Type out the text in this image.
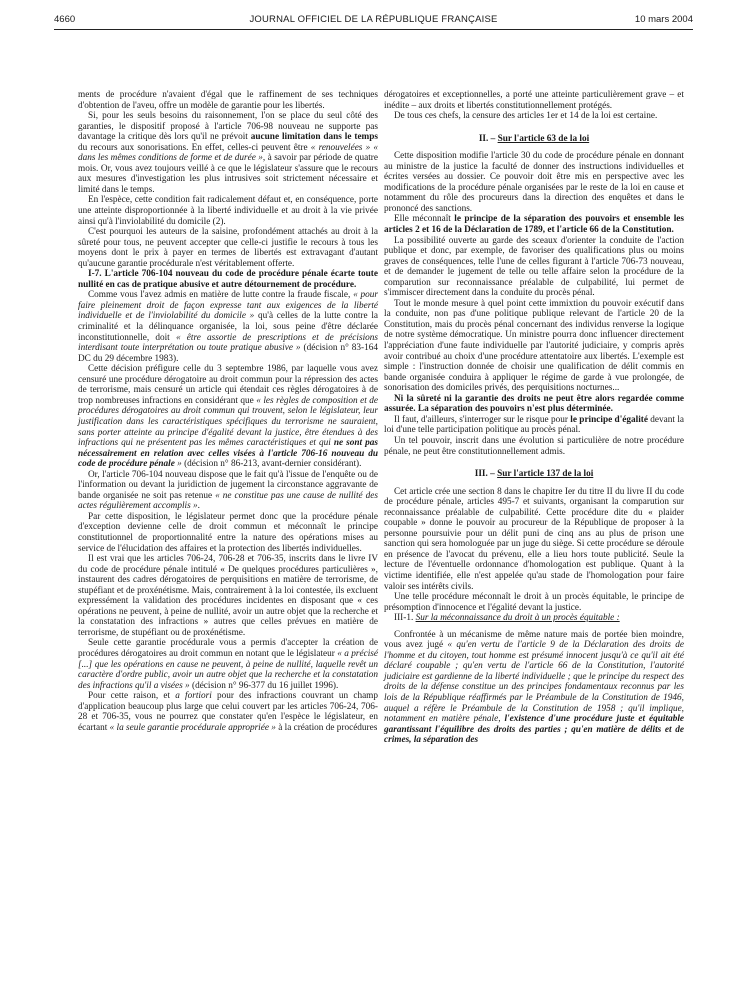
4660	JOURNAL OFFICIEL DE LA RÉPUBLIQUE FRANÇAISE	10 mars 2004

ments de procédure n'avaient d'égal que le raffinement de ses techniques d'obtention de l'aveu, offre un modèle de garantie pour les libertés.

Si, pour les seuls besoins du raisonnement, l'on se place du seul côté des garanties, le dispositif proposé à l'article 706-98 nouveau ne supporte pas davantage la critique dès lors qu'il ne prévoit aucune limitation dans le temps du recours aux sonorisations. En effet, celles-ci peuvent être « renouvelées » « dans les mêmes conditions de forme et de durée », à savoir par période de quatre mois. Or, vous avez toujours veillé à ce que le législateur s'assure que le recours aux mesures d'investigation les plus intrusives soit strictement nécessaire et limité dans le temps.

En l'espèce, cette condition fait radicalement défaut et, en conséquence, porte une atteinte disproportionnée à la liberté individuelle et au droit à la vie privée ainsi qu'à l'inviolabilité du domicile (2).

C'est pourquoi les auteurs de la saisine, profondément attachés au droit à la sûreté pour tous, ne peuvent accepter que celle-ci justifie le recours à tous les moyens dont le prix à payer en termes de libertés est extravagant d'autant qu'aucune garantie procédurale n'est véritablement offerte.

I-7. L'article 706-104 nouveau du code de procédure pénale écarte toute nullité en cas de pratique abusive et autre détournement de procédure.

Comme vous l'avez admis en matière de lutte contre la fraude fiscale, « pour faire pleinement droit de façon expresse tant aux exigences de la liberté individuelle et de l'inviolabilité du domicile » qu'à celles de la lutte contre la criminalité et la délinquance organisée, la loi, sous peine d'être déclarée inconstitutionnelle, doit « être assortie de prescriptions et de précisions interdisant toute interprétation ou toute pratique abusive » (décision n° 83-164 DC du 29 décembre 1983).

Cette décision préfigure celle du 3 septembre 1986, par laquelle vous avez censuré une procédure dérogatoire au droit commun pour la répression des actes de terrorisme, mais censuré un article qui étendait ces règles dérogatoires à de trop nombreuses infractions en considérant que « les règles de composition et de procédures dérogatoires au droit commun qui trouvent, selon le législateur, leur justification dans les caractéristiques spécifiques du terrorisme ne sauraient, sans porter atteinte au principe d'égalité devant la justice, être étendues à des infractions qui ne présentent pas les mêmes caractéristiques et qui ne sont pas nécessairement en relation avec celles visées à l'article 706-16 nouveau du code de procédure pénale » (décision n° 86-213, avant-dernier considérant).

Or, l'article 706-104 nouveau dispose que le fait qu'à l'issue de l'enquête ou de l'information ou devant la juridiction de jugement la circonstance aggravante de bande organisée ne soit pas retenue « ne constitue pas une cause de nullité des actes régulièrement accomplis ».

Par cette disposition, le législateur permet donc que la procédure pénale d'exception devienne celle de droit commun et méconnaît le principe constitutionnel de proportionnalité entre la nature des opérations mises au service de l'élucidation des affaires et la protection des libertés individuelles.

Il est vrai que les articles 706-24, 706-28 et 706-35, inscrits dans le livre IV du code de procédure pénale intitulé « De quelques procédures particulières », instaurent des cadres dérogatoires de perquisitions en matière de terrorisme, de stupéfiant et de proxénétisme. Mais, contrairement à la loi contestée, ils excluent expressément la validation des procédures incidentes en disposant que « ces opérations ne peuvent, à peine de nullité, avoir un autre objet que la recherche et la constatation des infractions » autres que celles prévues en matière de terrorisme, de stupéfiant ou de proxénétisme.

Seule cette garantie procédurale vous a permis d'accepter la création de procédures dérogatoires au droit commun en notant que le législateur « a précisé [...] que les opérations en cause ne peuvent, à peine de nullité, laquelle revêt un caractère d'ordre public, avoir un autre objet que la recherche et la constatation des infractions qu'il a visées » (décision n° 96-377 du 16 juillet 1996).

Pour cette raison, et a fortiori pour des infractions couvrant un champ d'application beaucoup plus large que celui couvert par les articles 706-24, 706-28 et 706-35, vous ne pourrez que constater qu'en l'espèce le législateur, en écartant « la seule garantie procédurale appropriée » à la création de procédures

dérogatoires et exceptionnelles, a porté une atteinte particulièrement grave – et inédite – aux droits et libertés constitutionnellement protégés.

De tous ces chefs, la censure des articles 1er et 14 de la loi est certaine.

II. – Sur l'article 63 de la loi

Cette disposition modifie l'article 30 du code de procédure pénale en donnant au ministre de la justice la faculté de donner des instructions individuelles et écrites versées au dossier. Ce pouvoir doit être mis en perspective avec les modifications de la procédure pénale organisées par le reste de la loi en cause et notamment du rôle des procureurs dans la direction des enquêtes et dans le prononcé des sanctions.

Elle méconnaît le principe de la séparation des pouvoirs et ensemble les articles 2 et 16 de la Déclaration de 1789, et l'article 66 de la Constitution.

La possibilité ouverte au garde des sceaux d'orienter la conduite de l'action publique et donc, par exemple, de favoriser des qualifications plus ou moins graves de conséquences, telle l'une de celles figurant à l'article 706-73 nouveau, et de demander le jugement de telle ou telle affaire selon la procédure de la comparution sur reconnaissance préalable de culpabilité, lui permet de s'immiscer directement dans la conduite du procès pénal.

Tout le monde mesure à quel point cette immixtion du pouvoir exécutif dans la conduite, non pas d'une politique publique relevant de l'article 20 de la Constitution, mais du procès pénal concernant des individus renverse la logique de notre système démocratique. Un ministre pourra donc influencer directement l'appréciation d'une faute individuelle par l'autorité judiciaire, y compris après avoir contribué au choix d'une procédure attentatoire aux libertés. L'exemple est simple : l'instruction donnée de choisir une qualification de délit commis en bande organisée conduira à appliquer le régime de garde à vue prolongée, de sonorisation des domiciles privés, des perquisitions nocturnes...

Ni la sûreté ni la garantie des droits ne peut être alors regardée comme assurée. La séparation des pouvoirs n'est plus déterminée.

Il faut, d'ailleurs, s'interroger sur le risque pour le principe d'égalité devant la loi d'une telle participation politique au procès pénal.

Un tel pouvoir, inscrit dans une évolution si particulière de notre procédure pénale, ne peut être constitutionnellement admis.

III. – Sur l'article 137 de la loi

Cet article crée une section 8 dans le chapitre Ier du titre II du livre II du code de procédure pénale, articles 495-7 et suivants, organisant la comparution sur reconnaissance préalable de culpabilité. Cette procédure dite du « plaider coupable » donne le pouvoir au procureur de la République de proposer à la personne poursuivie pour un délit puni de cinq ans au plus de prison une sanction qui sera homologuée par un juge du siège. Si cette procédure se déroule en présence de l'avocat du prévenu, elle a lieu hors toute publicité. Seule la lecture de l'éventuelle ordonnance d'homologation est publique. Quant à la victime identifiée, elle n'est appelée qu'au stade de l'homologation pour faire valoir ses intérêts civils.

Une telle procédure méconnaît le droit à un procès équitable, le principe de présomption d'innocence et l'égalité devant la justice.

III-1. Sur la méconnaissance du droit à un procès équitable :

Confrontée à un mécanisme de même nature mais de portée bien moindre, vous avez jugé « qu'en vertu de l'article 9 de la Déclaration des droits de l'homme et du citoyen, tout homme est présumé innocent jusqu'à ce qu'il ait été déclaré coupable ; qu'en vertu de l'article 66 de la Constitution, l'autorité judiciaire est gardienne de la liberté individuelle ; que le principe du respect des droits de la défense constitue un des principes fondamentaux reconnus par les lois de la République réaffirmés par le Préambule de la Constitution de 1946, auquel a réfère le Préambule de la Constitution de 1958 ; qu'il implique, notamment en matière pénale, l'existence d'une procédure juste et équitable garantissant l'équilibre des droits des parties ; qu'en matière de délits et de crimes, la séparation des
